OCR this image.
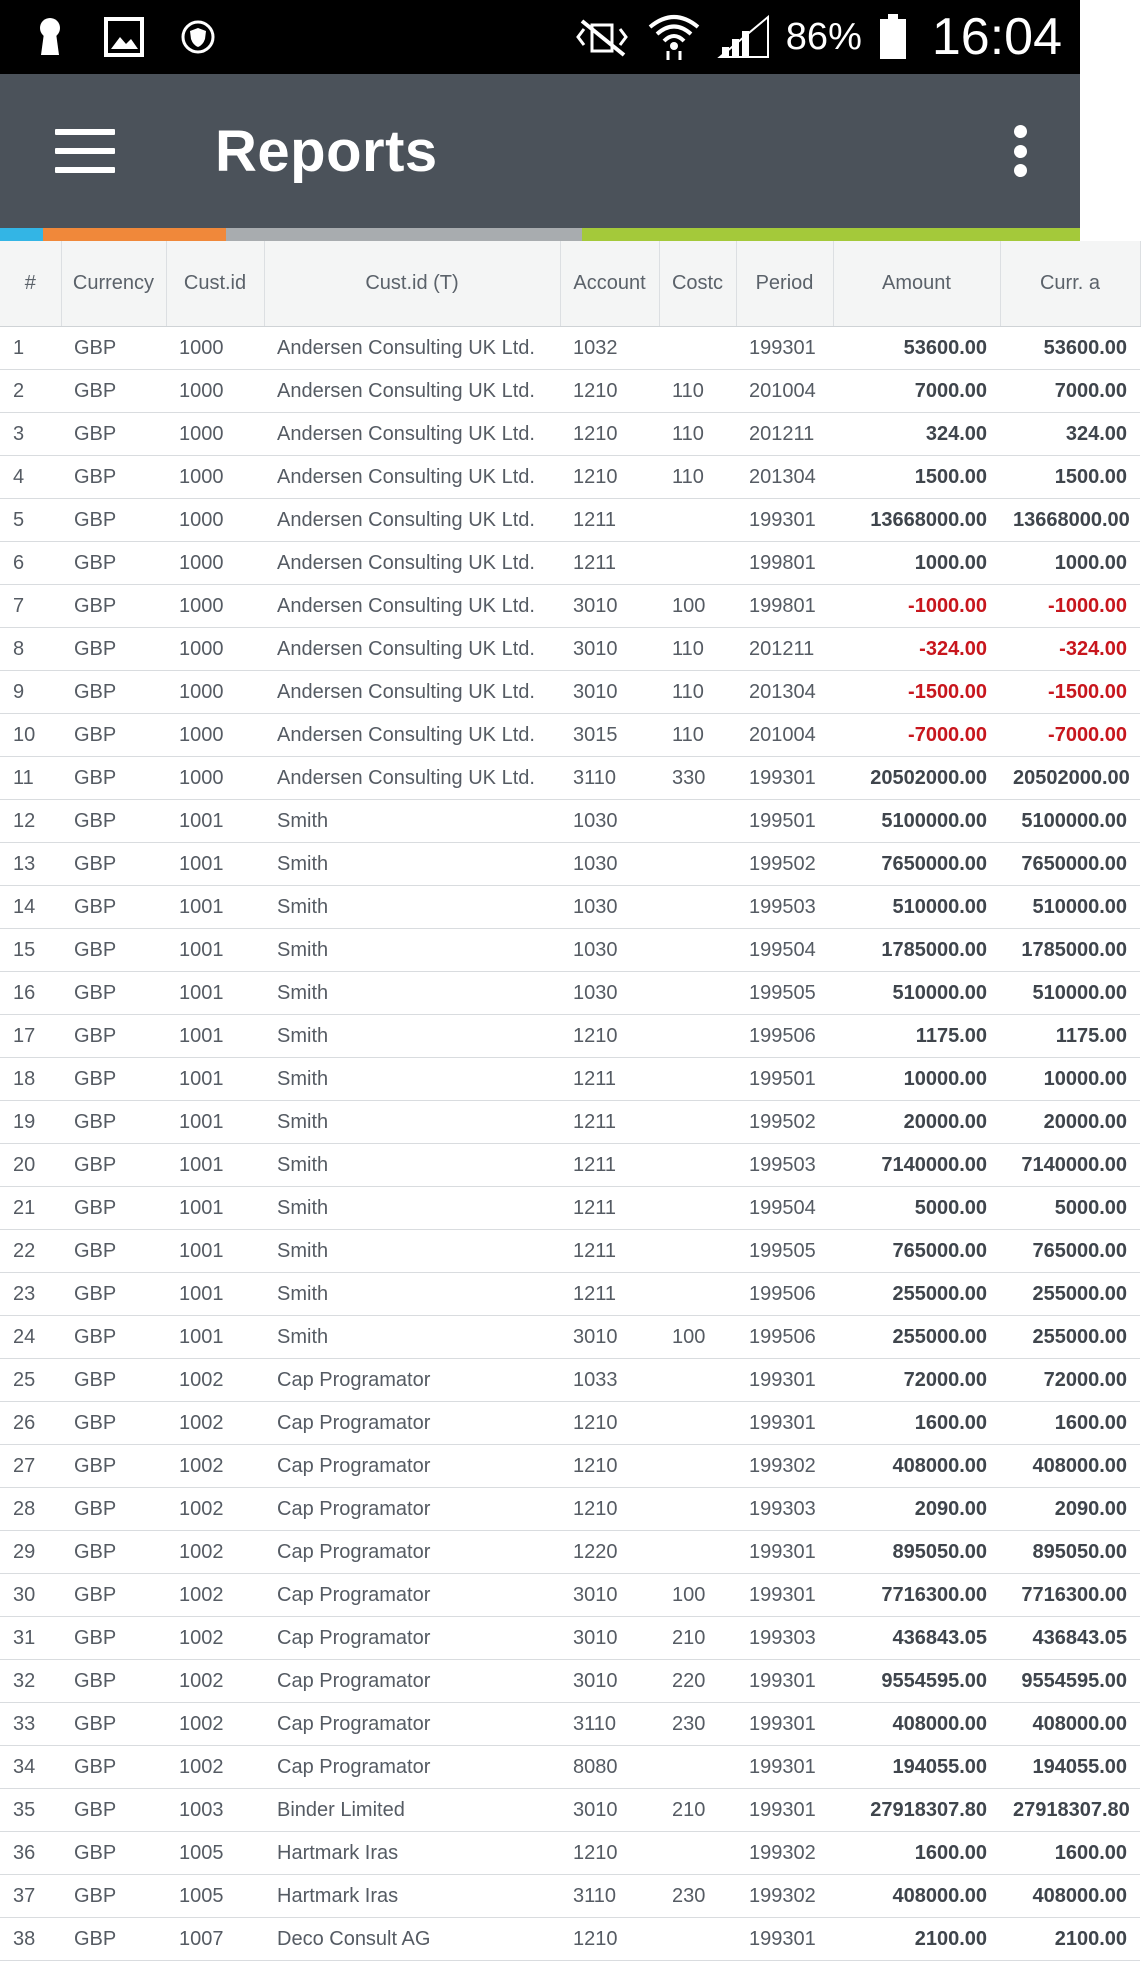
86% 16:04
Reports
#	Currency	Cust.id	Cust.id (T)	Account	Costc	Period	Amount	Curr. a
1	GBP	1000	Andersen Consulting UK Ltd.	1032		199301	53600.00	53600.00
2	GBP	1000	Andersen Consulting UK Ltd.	1210	110	201004	7000.00	7000.00
3	GBP	1000	Andersen Consulting UK Ltd.	1210	110	201211	324.00	324.00
4	GBP	1000	Andersen Consulting UK Ltd.	1210	110	201304	1500.00	1500.00
5	GBP	1000	Andersen Consulting UK Ltd.	1211		199301	13668000.00	13668000.00
6	GBP	1000	Andersen Consulting UK Ltd.	1211		199801	1000.00	1000.00
7	GBP	1000	Andersen Consulting UK Ltd.	3010	100	199801	-1000.00	-1000.00
8	GBP	1000	Andersen Consulting UK Ltd.	3010	110	201211	-324.00	-324.00
9	GBP	1000	Andersen Consulting UK Ltd.	3010	110	201304	-1500.00	-1500.00
10	GBP	1000	Andersen Consulting UK Ltd.	3015	110	201004	-7000.00	-7000.00
11	GBP	1000	Andersen Consulting UK Ltd.	3110	330	199301	20502000.00	20502000.00
12	GBP	1001	Smith	1030		199501	5100000.00	5100000.00
13	GBP	1001	Smith	1030		199502	7650000.00	7650000.00
14	GBP	1001	Smith	1030		199503	510000.00	510000.00
15	GBP	1001	Smith	1030		199504	1785000.00	1785000.00
16	GBP	1001	Smith	1030		199505	510000.00	510000.00
17	GBP	1001	Smith	1210		199506	1175.00	1175.00
18	GBP	1001	Smith	1211		199501	10000.00	10000.00
19	GBP	1001	Smith	1211		199502	20000.00	20000.00
20	GBP	1001	Smith	1211		199503	7140000.00	7140000.00
21	GBP	1001	Smith	1211		199504	5000.00	5000.00
22	GBP	1001	Smith	1211		199505	765000.00	765000.00
23	GBP	1001	Smith	1211		199506	255000.00	255000.00
24	GBP	1001	Smith	3010	100	199506	255000.00	255000.00
25	GBP	1002	Cap Programator	1033		199301	72000.00	72000.00
26	GBP	1002	Cap Programator	1210		199301	1600.00	1600.00
27	GBP	1002	Cap Programator	1210		199302	408000.00	408000.00
28	GBP	1002	Cap Programator	1210		199303	2090.00	2090.00
29	GBP	1002	Cap Programator	1220		199301	895050.00	895050.00
30	GBP	1002	Cap Programator	3010	100	199301	7716300.00	7716300.00
31	GBP	1002	Cap Programator	3010	210	199303	436843.05	436843.05
32	GBP	1002	Cap Programator	3010	220	199301	9554595.00	9554595.00
33	GBP	1002	Cap Programator	3110	230	199301	408000.00	408000.00
34	GBP	1002	Cap Programator	8080		199301	194055.00	194055.00
35	GBP	1003	Binder Limited	3010	210	199301	27918307.80	27918307.80
36	GBP	1005	Hartmark Iras	1210		199302	1600.00	1600.00
37	GBP	1005	Hartmark Iras	3110	230	199302	408000.00	408000.00
38	GBP	1007	Deco Consult AG	1210		199301	2100.00	2100.00
